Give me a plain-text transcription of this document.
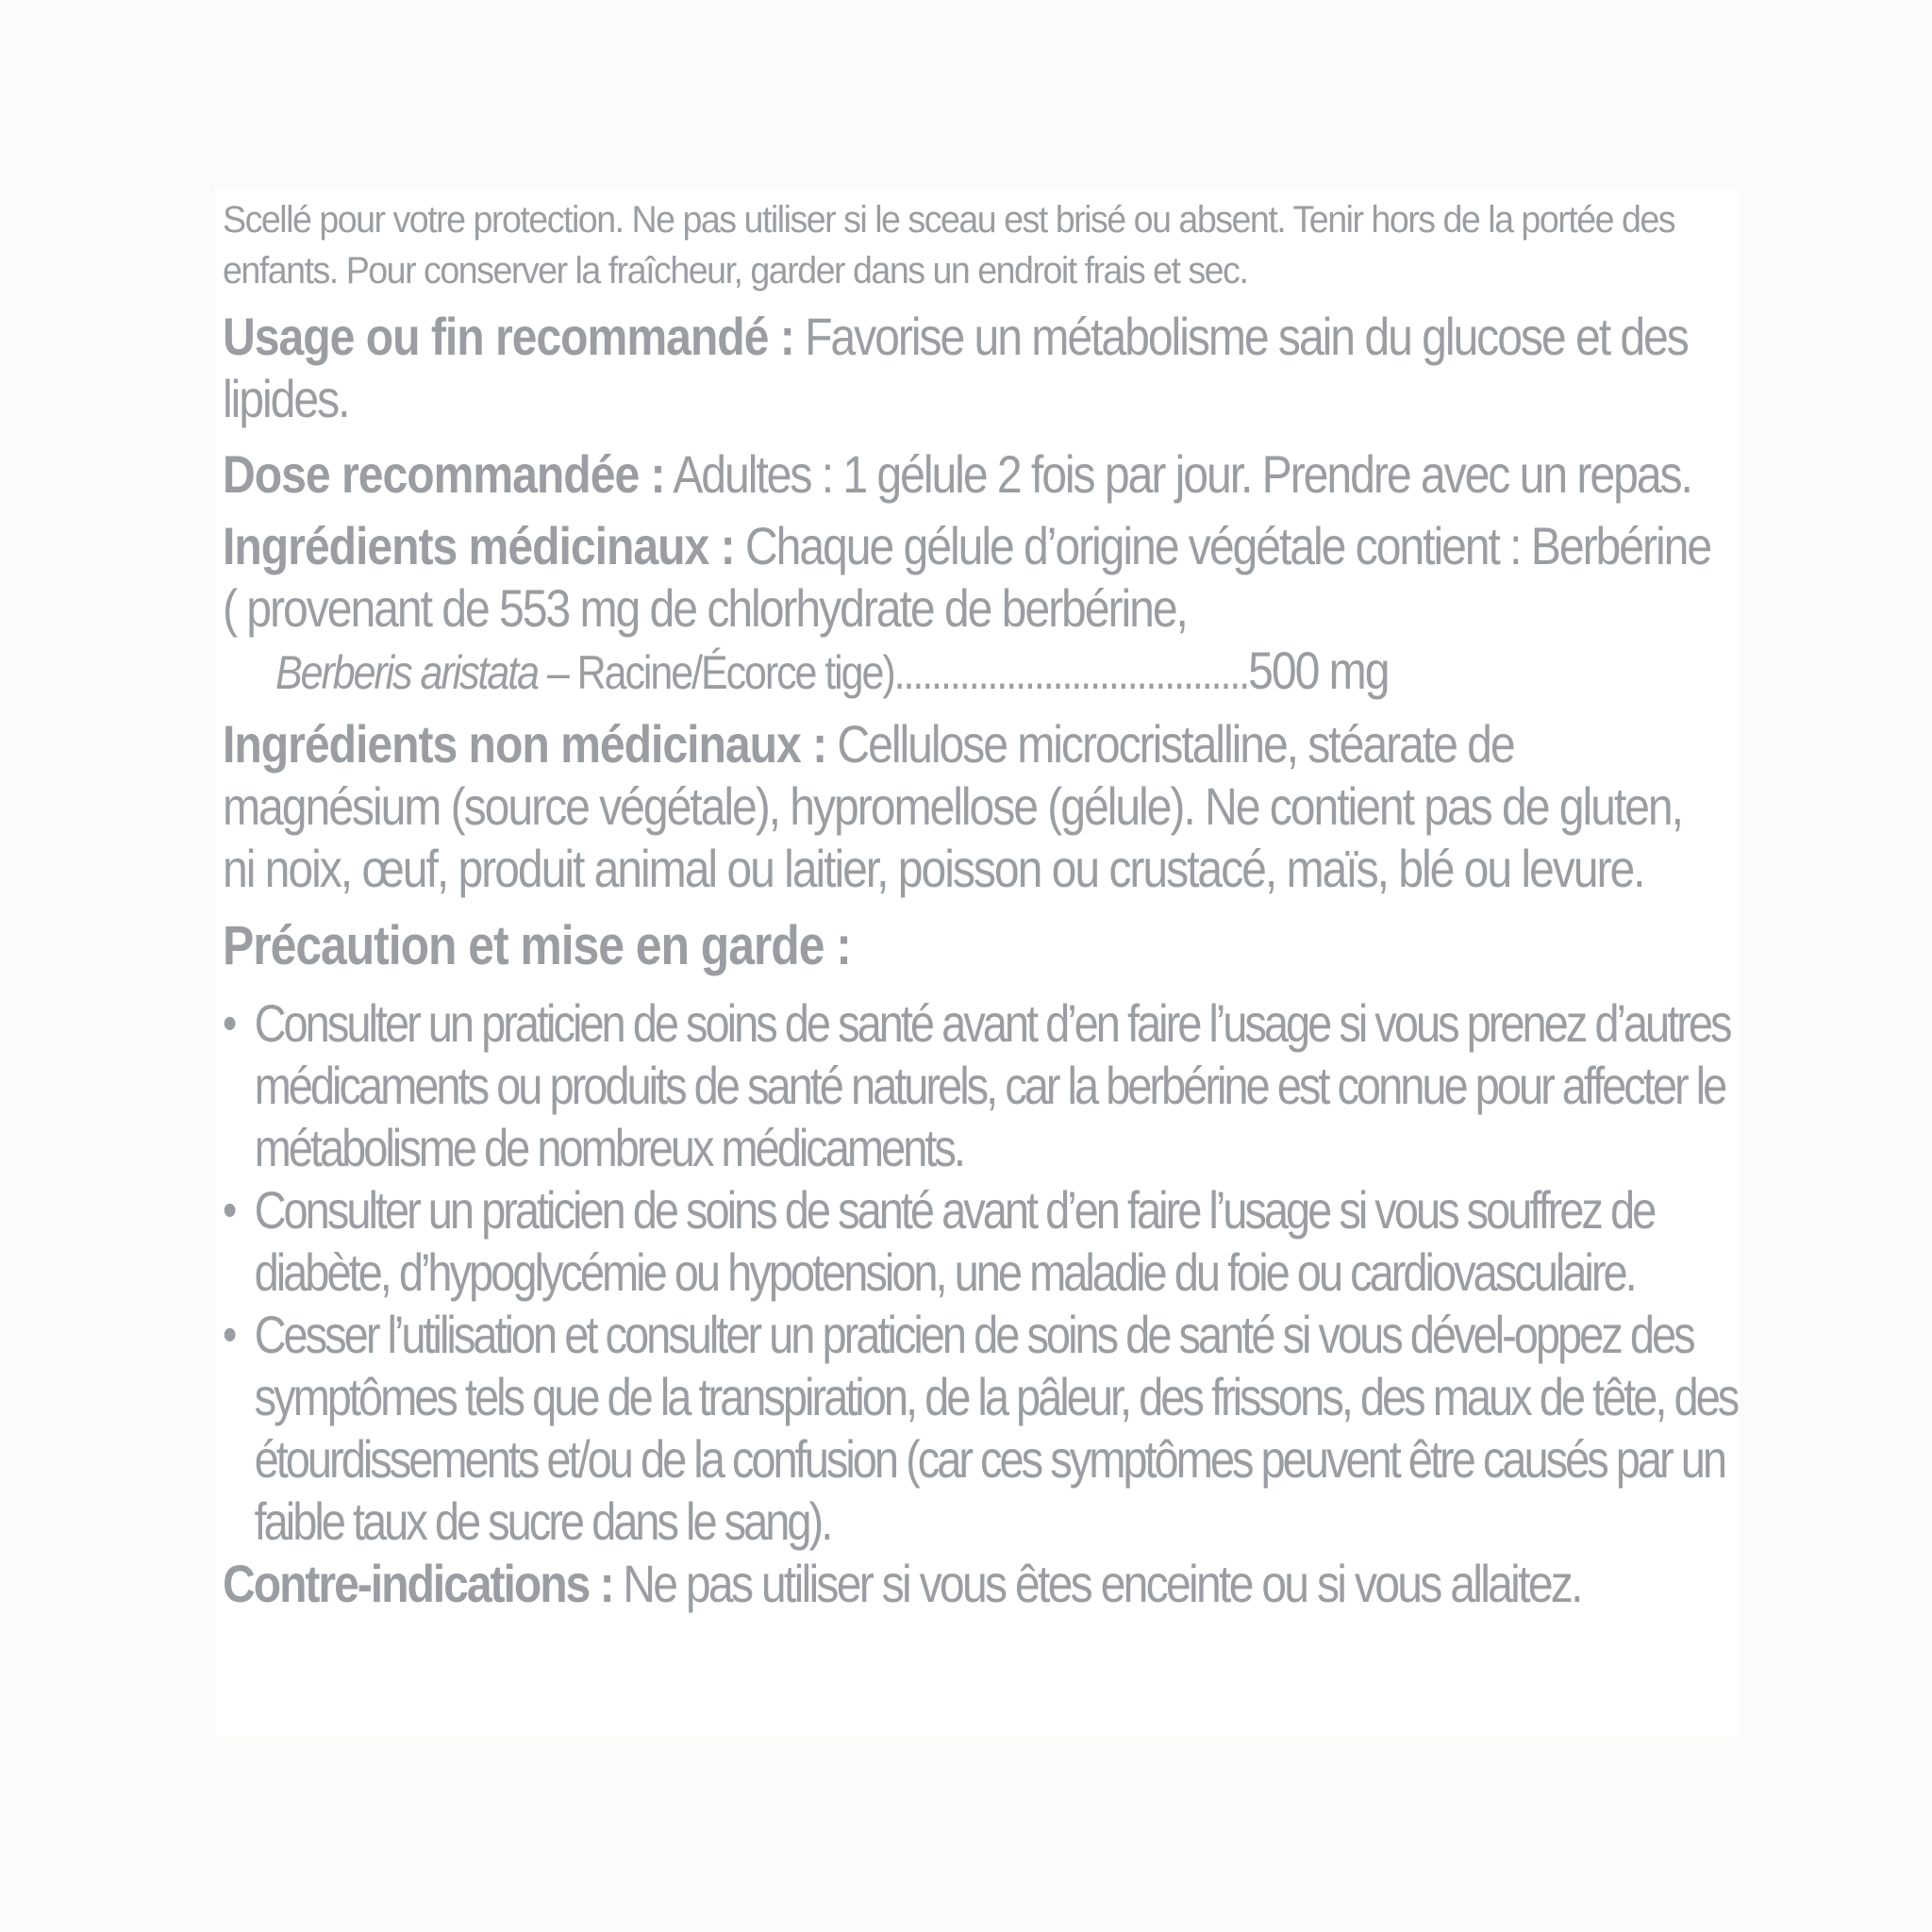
Scellé pour votre protection. Ne pas utiliser si le sceau est brisé ou absent. Tenir hors de la portée des enfants. Pour conserver la fraîcheur, garder dans un endroit frais et sec.

Usage ou fin recommandé : Favorise un métabolisme sain du glucose et des lipides.

Dose recommandée : Adultes : 1 gélule 2 fois par jour. Prendre avec un repas.

Ingrédients médicinaux : Chaque gélule d’origine végétale contient : Berbérine ( provenant de 553 mg de chlorhydrate de berbérine,

Berberis aristata – Racine/Écorce tige)......................................500 mg

Ingrédients non médicinaux : Cellulose microcristalline, stéarate de magnésium (source végétale), hypromellose (gélule). Ne contient pas de gluten, ni noix, œuf, produit animal ou laitier, poisson ou crustacé, maïs, blé ou levure.

Précaution et mise en garde :

• Consulter un praticien de soins de santé avant d’en faire l’usage si vous prenez d’autres médicaments ou produits de santé naturels, car la berbérine est connue pour affecter le métabolisme de nombreux médicaments.
• Consulter un praticien de soins de santé avant d’en faire l’usage si vous souffrez de diabète, d’hypoglycémie ou hypotension, une maladie du foie ou cardiovasculaire.
• Cesser l’utilisation et consulter un praticien de soins de santé si vous dével-oppez des symptômes tels que de la transpiration, de la pâleur, des frissons, des maux de tête, des étourdissements et/ou de la confusion (car ces symptômes peuvent être causés par un faible taux de sucre dans le sang).

Contre-indications : Ne pas utiliser si vous êtes enceinte ou si vous allaitez.
